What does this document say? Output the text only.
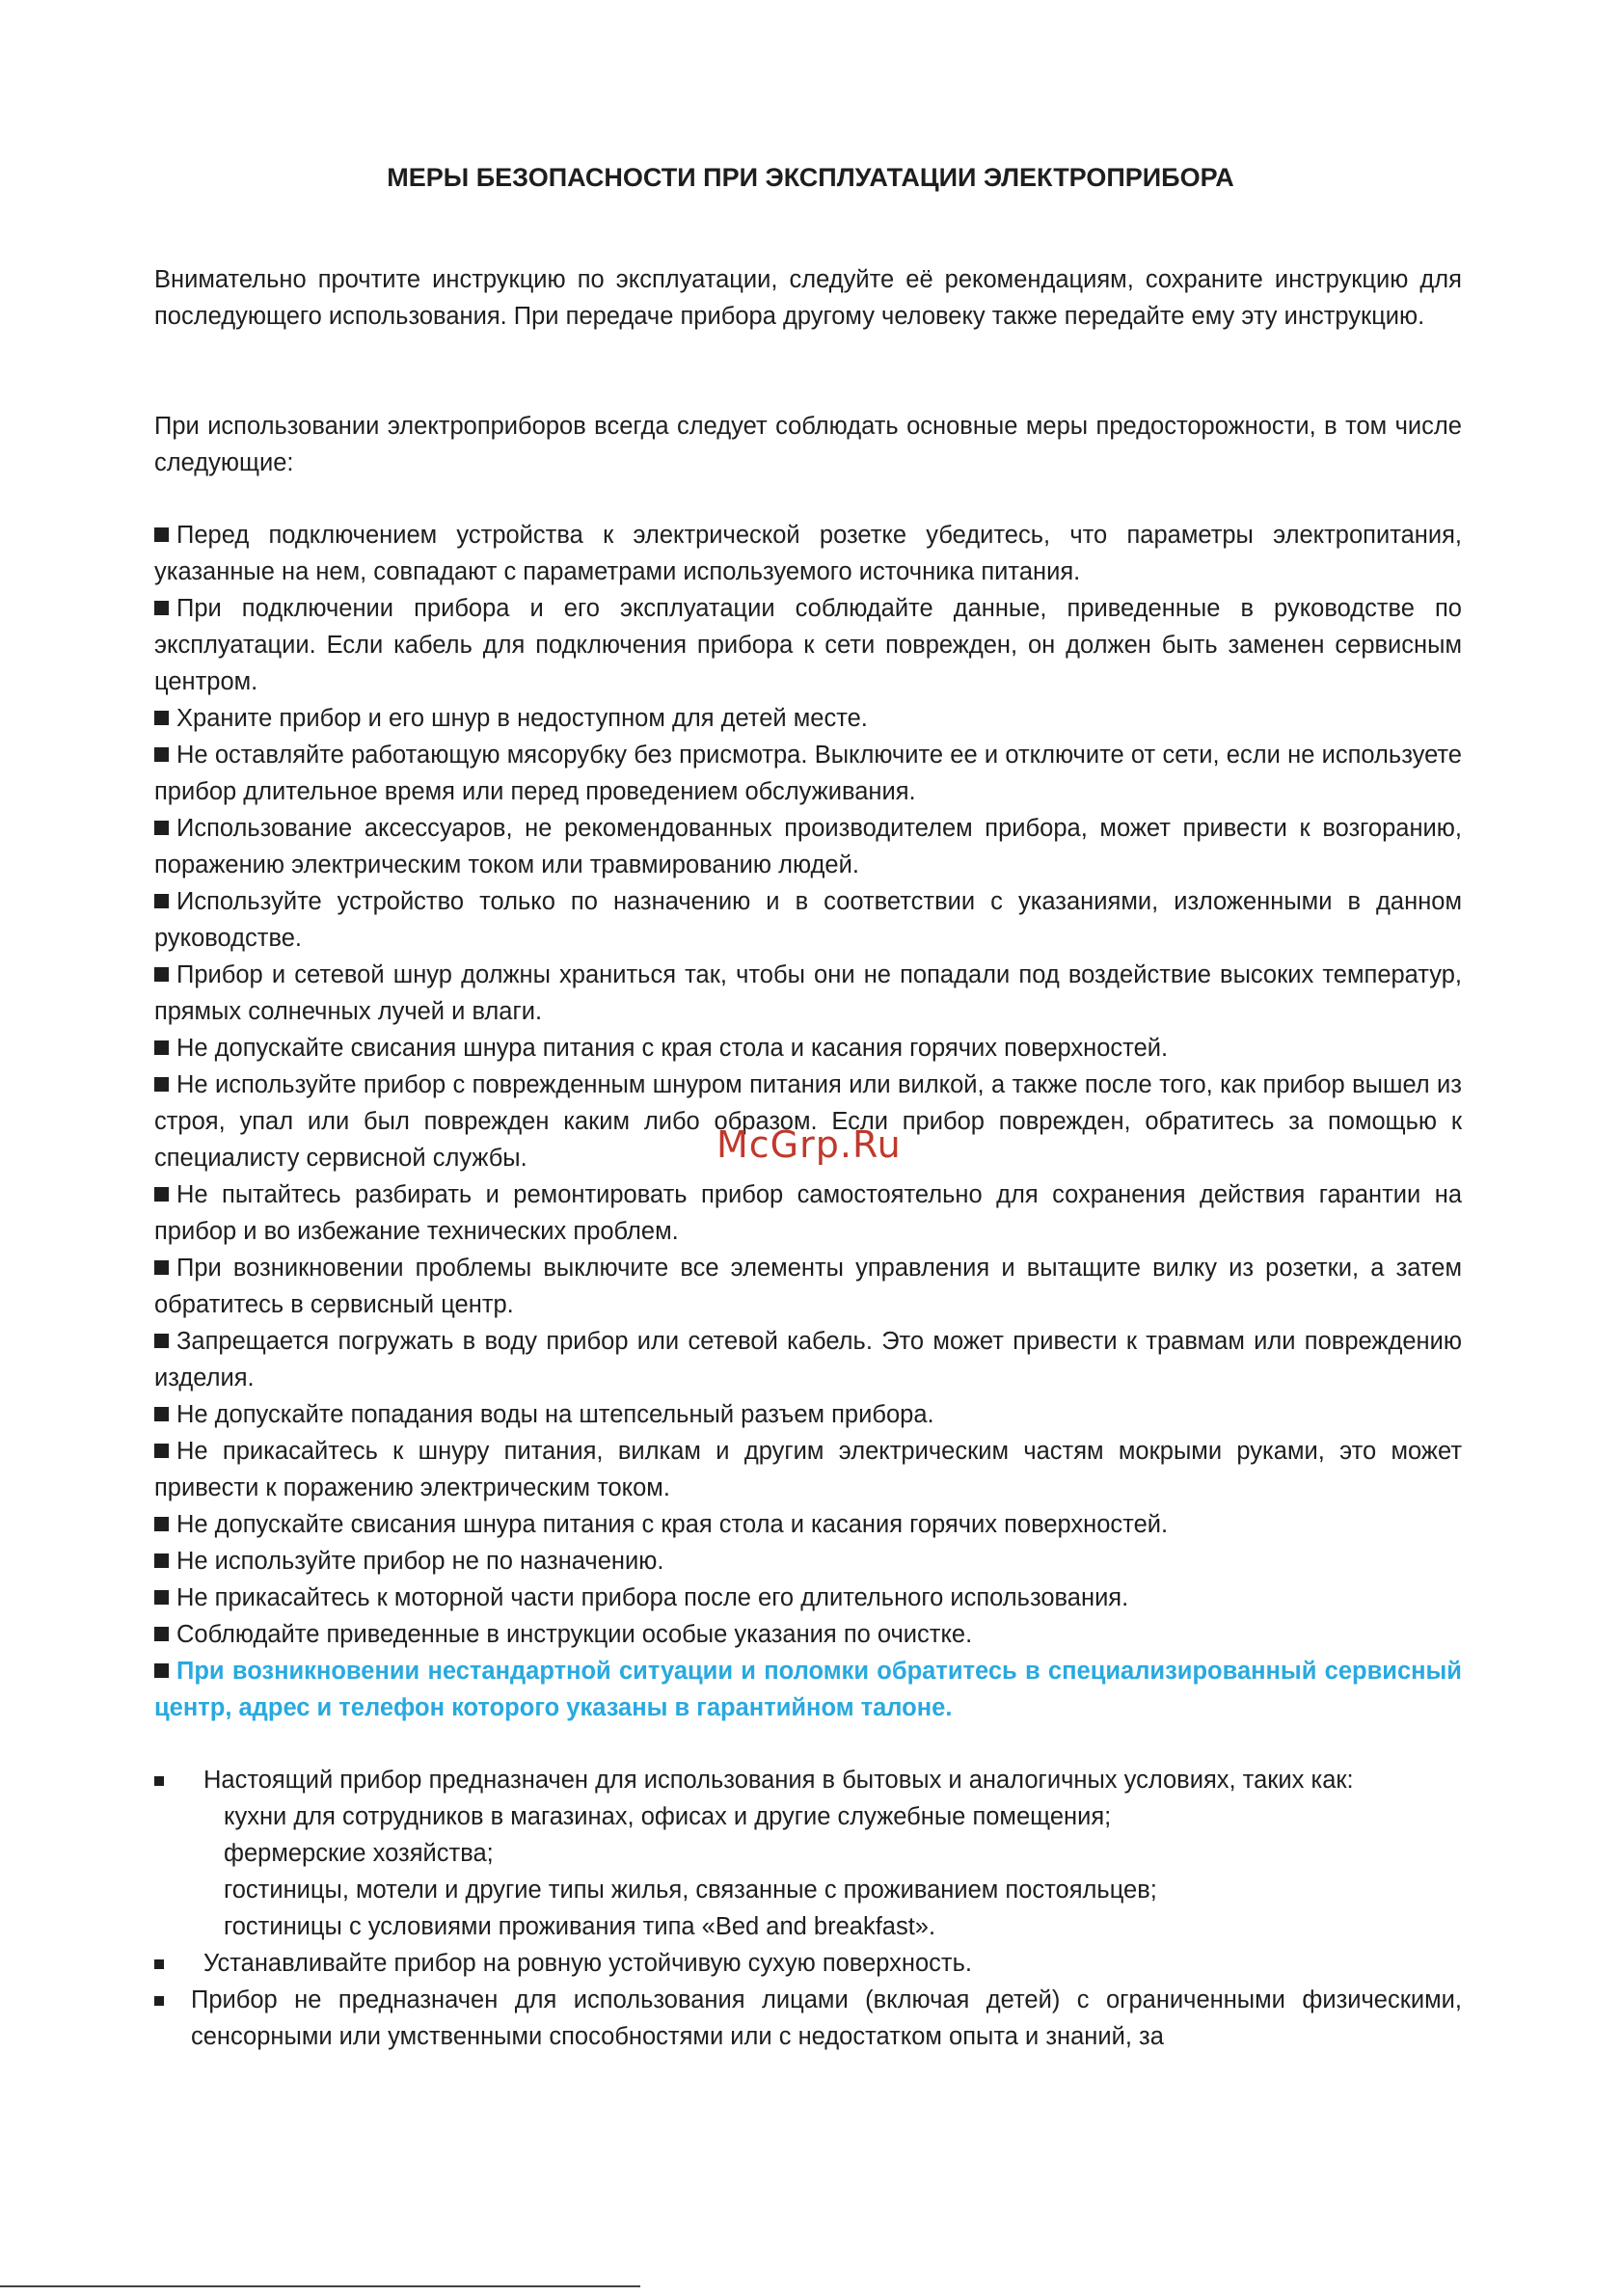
МЕРЫ БЕЗОПАСНОСТИ ПРИ ЭКСПЛУАТАЦИИ ЭЛЕКТРОПРИБОРА

Внимательно прочтите инструкцию по эксплуатации, следуйте её рекомендациям, сохраните инструкцию для последующего использования. При передаче прибора другому человеку также передайте ему эту инструкцию.

При использовании электроприборов всегда следует соблюдать основные меры предосторожности, в том числе следующие:

Перед подключением устройства к электрической розетке убедитесь, что параметры электропитания, указанные на нем, совпадают с параметрами используемого источника питания.
При подключении прибора и его эксплуатации соблюдайте данные, приведенные в руководстве по эксплуатации. Если кабель для подключения прибора к сети поврежден, он должен быть заменен сервисным центром.
Храните прибор и его шнур в недоступном для детей месте.
Не оставляйте работающую мясорубку без присмотра. Выключите ее и отключите от сети, если не используете прибор длительное время или перед проведением обслуживания.
Использование аксессуаров, не рекомендованных производителем прибора, может привести к возгоранию, поражению электрическим током или травмированию людей.
Используйте устройство только по назначению и в соответствии с указаниями, изложенными в данном руководстве.
Прибор и сетевой шнур должны храниться так, чтобы они не попадали под воздействие высоких температур, прямых солнечных лучей и влаги.
Не допускайте свисания шнура питания с края стола и касания горячих поверхностей.
Не используйте прибор с поврежденным шнуром питания или вилкой, а также после того, как прибор вышел из строя, упал или был поврежден каким либо образом. Если прибор поврежден, обратитесь за помощью к специалисту сервисной службы.
Не пытайтесь разбирать и ремонтировать прибор самостоятельно для сохранения действия гарантии на прибор и во избежание технических проблем.
При возникновении проблемы выключите все элементы управления и вытащите вилку из розетки, а затем обратитесь в сервисный центр.
Запрещается погружать в воду прибор или сетевой кабель. Это может привести к травмам или повреждению изделия.
Не допускайте попадания воды на штепсельный разъем прибора.
Не прикасайтесь к шнуру питания, вилкам и другим электрическим частям мокрыми руками, это может привести к поражению электрическим током.
Не допускайте свисания шнура питания с края стола и касания горячих поверхностей.
Не используйте прибор не по назначению.
Не прикасайтесь к моторной части прибора после его длительного использования.
Соблюдайте приведенные в инструкции особые указания по очистке.
При возникновении нестандартной ситуации и поломки обратитесь в специализированный сервисный центр, адрес и телефон которого указаны в гарантийном талоне.
Настоящий прибор предназначен для использования в бытовых и аналогичных условиях, таких как:
кухни для сотрудников в магазинах, офисах и другие служебные помещения;
фермерские хозяйства;
гостиницы, мотели и другие типы жилья, связанные с проживанием постояльцев;
гостиницы с условиями проживания типа «Bed and breakfast».
Устанавливайте прибор на ровную устойчивую сухую поверхность.
Прибор не предназначен для использования лицами (включая детей) с ограниченными физическими, сенсорными или умственными способностями или с недостатком опыта и знаний, за
McGrp.Ru
